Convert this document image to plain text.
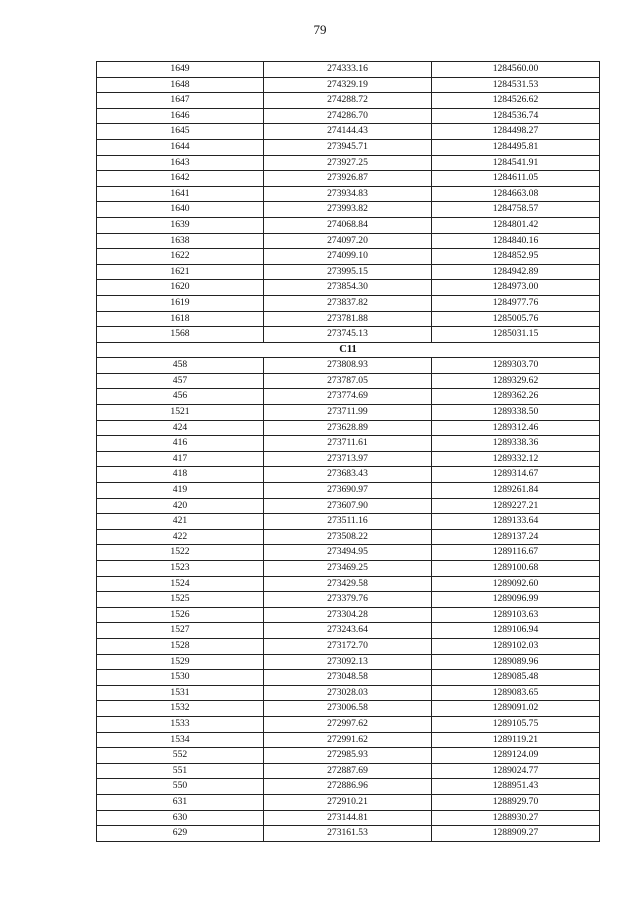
79
1649	274333.16	1284560.00
1648	274329.19	1284531.53
1647	274288.72	1284526.62
1646	274286.70	1284536.74
1645	274144.43	1284498.27
1644	273945.71	1284495.81
1643	273927.25	1284541.91
1642	273926.87	1284611.05
1641	273934.83	1284663.08
1640	273993.82	1284758.57
1639	274068.84	1284801.42
1638	274097.20	1284840.16
1622	274099.10	1284852.95
1621	273995.15	1284942.89
1620	273854.30	1284973.00
1619	273837.82	1284977.76
1618	273781.88	1285005.76
1568	273745.13	1285031.15
С11		
458	273808.93	1289303.70
457	273787.05	1289329.62
456	273774.69	1289362.26
1521	273711.99	1289338.50
424	273628.89	1289312.46
416	273711.61	1289338.36
417	273713.97	1289332.12
418	273683.43	1289314.67
419	273690.97	1289261.84
420	273607.90	1289227.21
421	273511.16	1289133.64
422	273508.22	1289137.24
1522	273494.95	1289116.67
1523	273469.25	1289100.68
1524	273429.58	1289092.60
1525	273379.76	1289096.99
1526	273304.28	1289103.63
1527	273243.64	1289106.94
1528	273172.70	1289102.03
1529	273092.13	1289089.96
1530	273048.58	1289085.48
1531	273028.03	1289083.65
1532	273006.58	1289091.02
1533	272997.62	1289105.75
1534	272991.62	1289119.21
552	272985.93	1289124.09
551	272887.69	1289024.77
550	272886.96	1288951.43
631	272910.21	1288929.70
630	273144.81	1288930.27
629	273161.53	1288909.27
